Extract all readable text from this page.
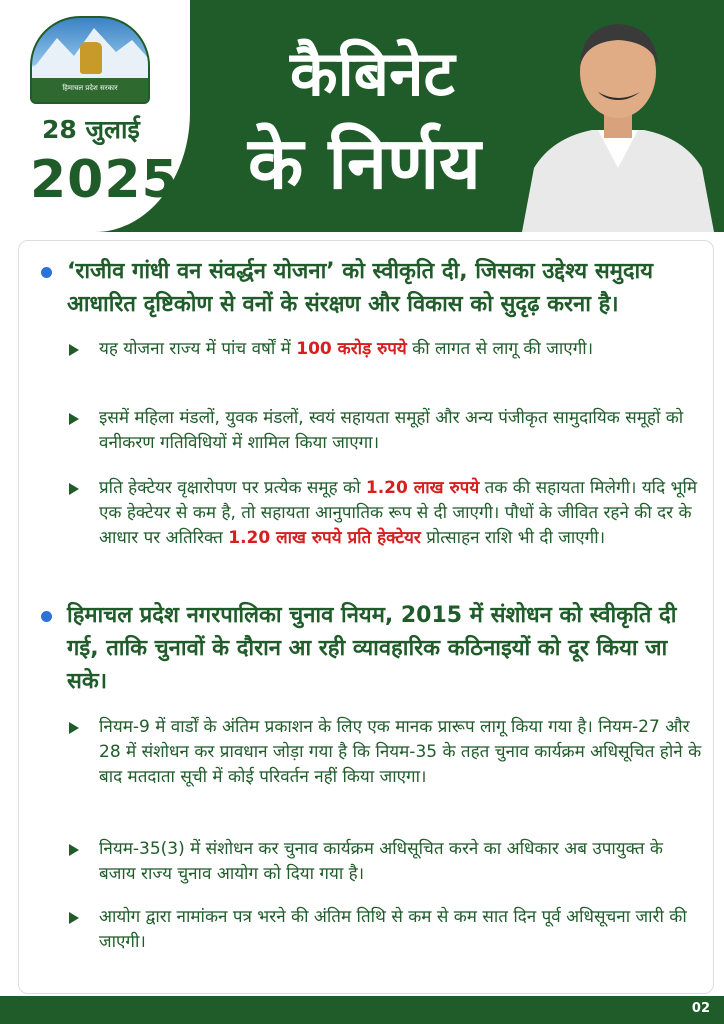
हिमाचल प्रदेश सरकार
28 जुलाई
2025
कैबिनेट
के निर्णय
‘राजीव गांधी वन संवर्द्धन योजना’ को स्वीकृति दी, जिसका उद्देश्य समुदाय आधारित दृष्टिकोण से वनों के संरक्षण और विकास को सुदृढ़ करना है।
यह योजना राज्य में पांच वर्षों में 100 करोड़ रुपये की लागत से लागू की जाएगी।
इसमें महिला मंडलों, युवक मंडलों, स्वयं सहायता समूहों और अन्य पंजीकृत सामुदायिक समूहों को वनीकरण गतिविधियों में शामिल किया जाएगा।
प्रति हेक्टेयर वृक्षारोपण पर प्रत्येक समूह को 1.20 लाख रुपये तक की सहायता मिलेगी। यदि भूमि एक हेक्टेयर से कम है, तो सहायता आनुपातिक रूप से दी जाएगी। पौधों के जीवित रहने की दर के आधार पर अतिरिक्त 1.20 लाख रुपये प्रति हेक्टेयर प्रोत्साहन राशि भी दी जाएगी।
हिमाचल प्रदेश नगरपालिका चुनाव नियम, 2015 में संशोधन को स्वीकृति दी गई, ताकि चुनावों के दौरान आ रही व्यावहारिक कठिनाइयों को दूर किया जा सके।
नियम-9 में वार्डों के अंतिम प्रकाशन के लिए एक मानक प्रारूप लागू किया गया है। नियम-27 और 28 में संशोधन कर प्रावधान जोड़ा गया है कि नियम-35 के तहत चुनाव कार्यक्रम अधिसूचित होने के बाद मतदाता सूची में कोई परिवर्तन नहीं किया जाएगा।
नियम-35(3) में संशोधन कर चुनाव कार्यक्रम अधिसूचित करने का अधिकार अब उपायुक्त के बजाय राज्य चुनाव आयोग को दिया गया है।
आयोग द्वारा नामांकन पत्र भरने की अंतिम तिथि से कम से कम सात दिन पूर्व अधिसूचना जारी की जाएगी।
02
